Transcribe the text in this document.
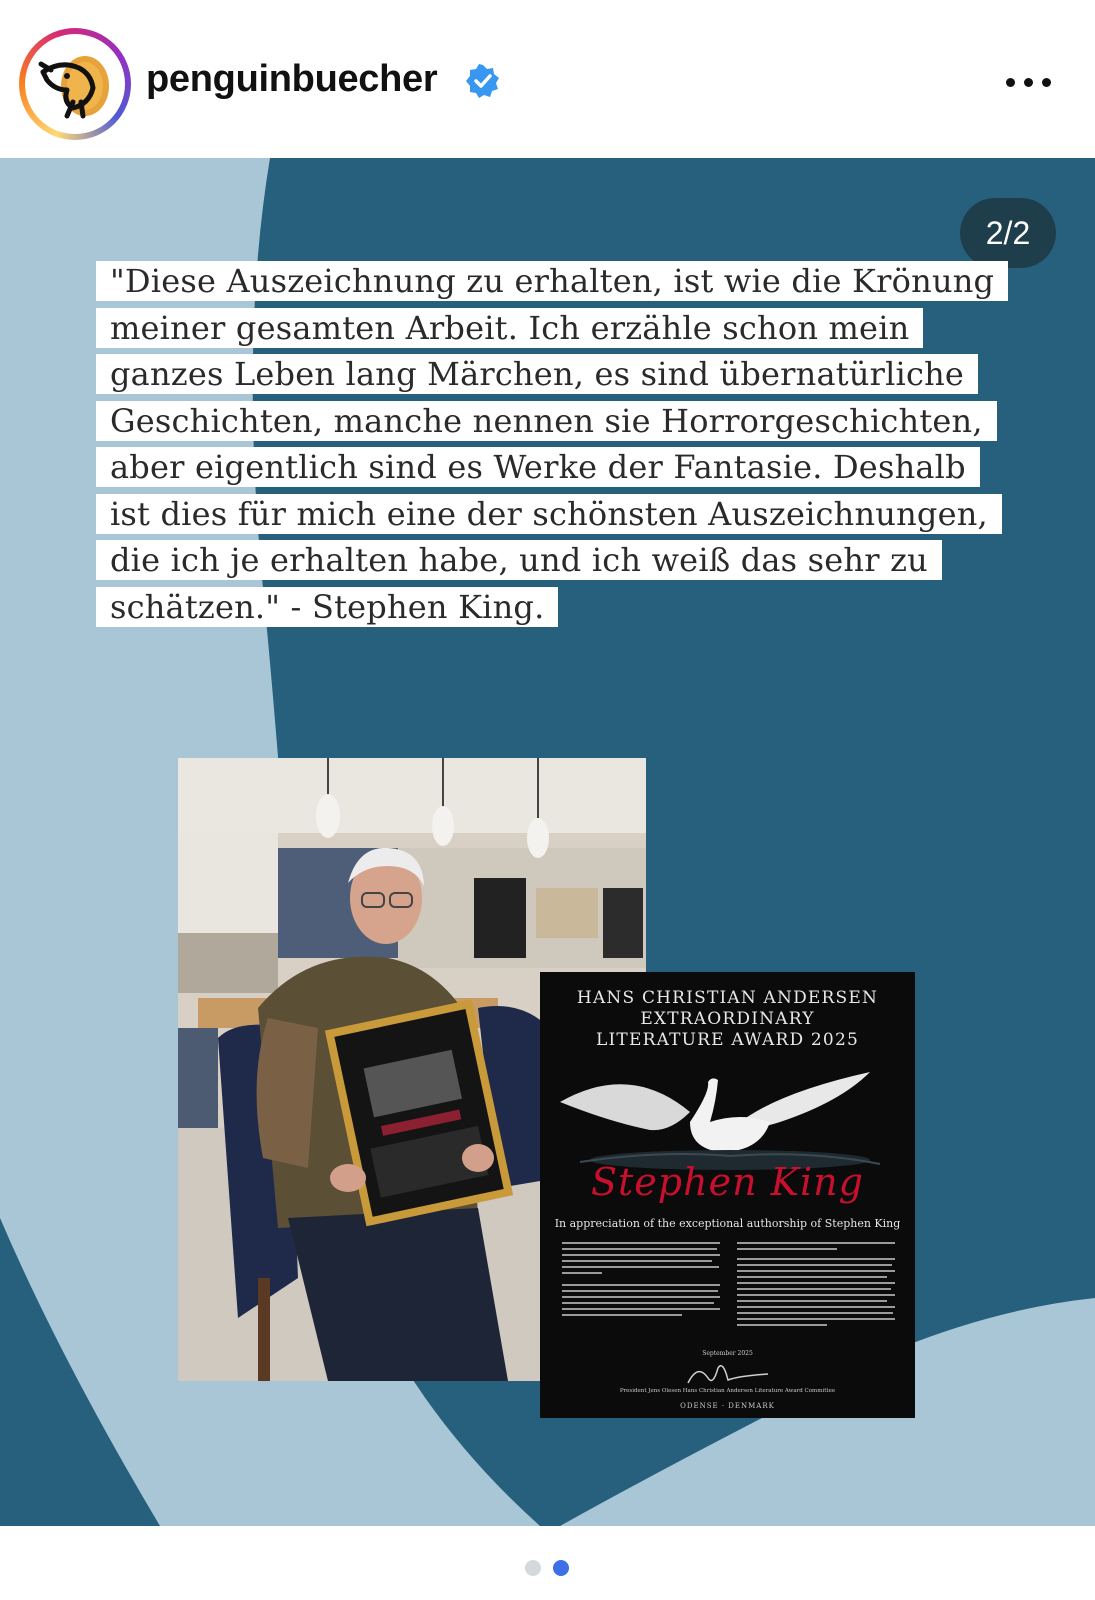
penguinbuecher
2/2
"Diese Auszeichnung zu erhalten, ist wie die Krönung meiner gesamten Arbeit. Ich erzähle schon mein ganzes Leben lang Märchen, es sind übernatürliche Geschichten, manche nennen sie Horrorgeschichten, aber eigentlich sind es Werke der Fantasie. Deshalb ist dies für mich eine der schönsten Auszeichnungen, die ich je erhalten habe, und ich weiß das sehr zu schätzen." - Stephen King.
HANS CHRISTIAN ANDERSEN
EXTRAORDINARY
LITERATURE AWARD 2025
Stephen King
In appreciation of the exceptional authorship of Stephen King
September 2025
President Jens Olesen Hans Christian Andersen Literature Award Committee
ODENSE · DENMARK
